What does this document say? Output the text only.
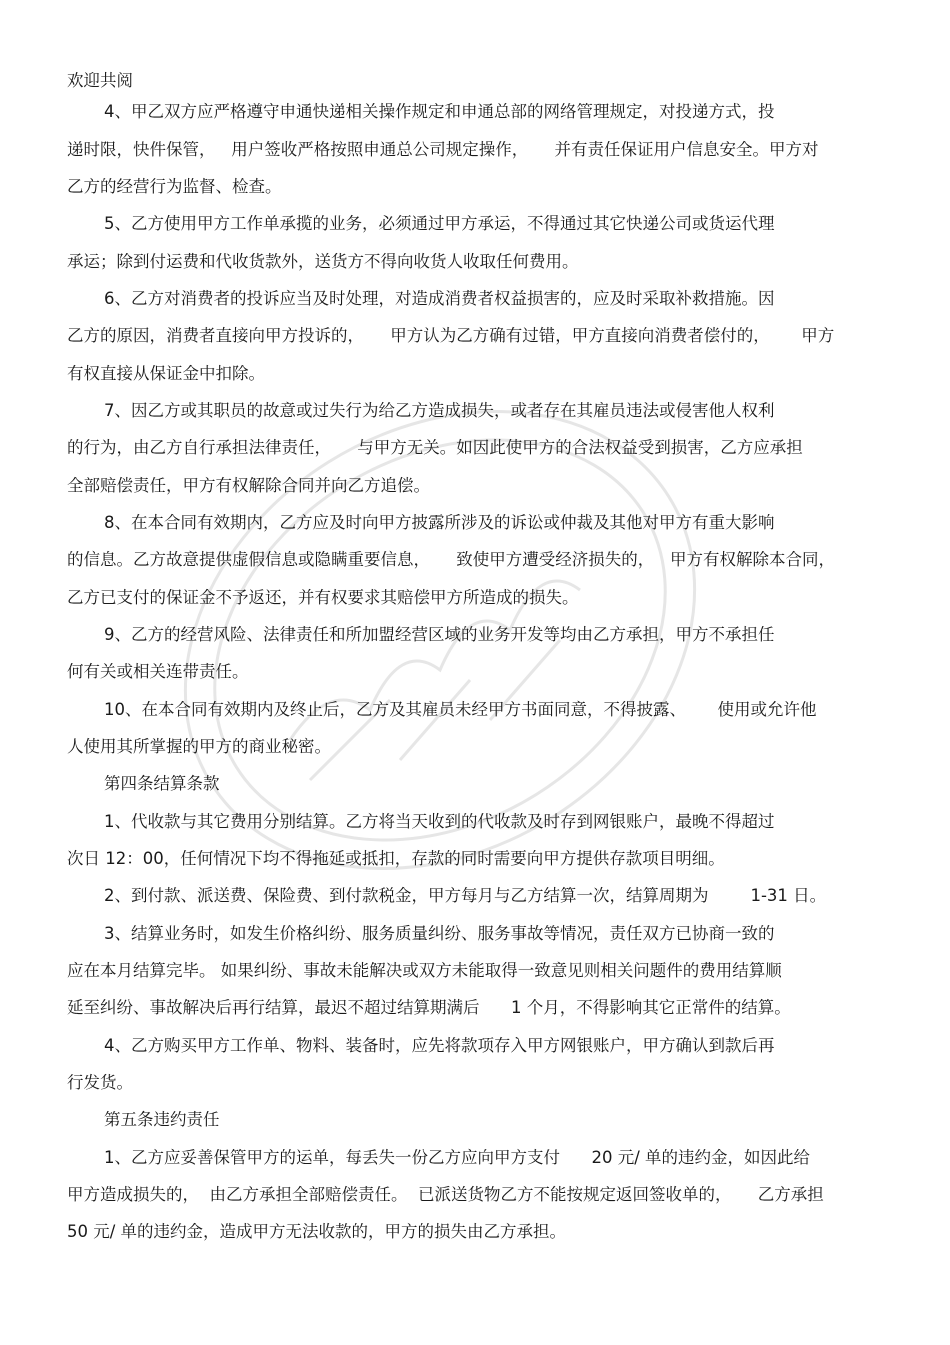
欢迎共阅
4、甲乙双方应严格遵守申通快递相关操作规定和申通总部的网络管理规定，对投递方式，投
递时限，快件保管，   用户签收严格按照申通总公司规定操作，     并有责任保证用户信息安全。甲方对
乙方的经营行为监督、检查。
5、乙方使用甲方工作单承揽的业务，必须通过甲方承运，不得通过其它快递公司或货运代理
承运；除到付运费和代收货款外，送货方不得向收货人收取任何费用。
6、乙方对消费者的投诉应当及时处理，对造成消费者权益损害的，应及时采取补救措施。因
乙方的原因，消费者直接向甲方投诉的，     甲方认为乙方确有过错，甲方直接向消费者偿付的，      甲方
有权直接从保证金中扣除。
7、因乙方或其职员的故意或过失行为给乙方造成损失，或者存在其雇员违法或侵害他人权利
的行为，由乙方自行承担法律责任，     与甲方无关。如因此使甲方的合法权益受到损害，乙方应承担
全部赔偿责任，甲方有权解除合同并向乙方追偿。
8、在本合同有效期内，乙方应及时向甲方披露所涉及的诉讼或仲裁及其他对甲方有重大影响
的信息。乙方故意提供虚假信息或隐瞒重要信息，     致使甲方遭受经济损失的，   甲方有权解除本合同，
乙方已支付的保证金不予返还，并有权要求其赔偿甲方所造成的损失。
9、乙方的经营风险、法律责任和所加盟经营区域的业务开发等均由乙方承担，甲方不承担任
何有关或相关连带责任。
10、在本合同有效期内及终止后，乙方及其雇员未经甲方书面同意，不得披露、      使用或允许他
人使用其所掌握的甲方的商业秘密。
第四条结算条款
1、代收款与其它费用分别结算。乙方将当天收到的代收款及时存到网银账户，最晚不得超过
次日 12：00，任何情况下均不得拖延或抵扣，存款的同时需要向甲方提供存款项目明细。
2、到付款、派送费、保险费、到付款税金，甲方每月与乙方结算一次，结算周期为        1-31 日。
3、结算业务时，如发生价格纠纷、服务质量纠纷、服务事故等情况，责任双方已协商一致的
应在本月结算完毕。 如果纠纷、事故未能解决或双方未能取得一致意见则相关问题件的费用结算顺
延至纠纷、事故解决后再行结算，最迟不超过结算期满后      1 个月，不得影响其它正常件的结算。
4、乙方购买甲方工作单、物料、装备时，应先将款项存入甲方网银账户，甲方确认到款后再
行发货。
第五条违约责任
1、乙方应妥善保管甲方的运单，每丢失一份乙方应向甲方支付      20 元/ 单的违约金，如因此给
甲方造成损失的，  由乙方承担全部赔偿责任。  已派送货物乙方不能按规定返回签收单的，     乙方承担
50 元/ 单的违约金，造成甲方无法收款的，甲方的损失由乙方承担。
